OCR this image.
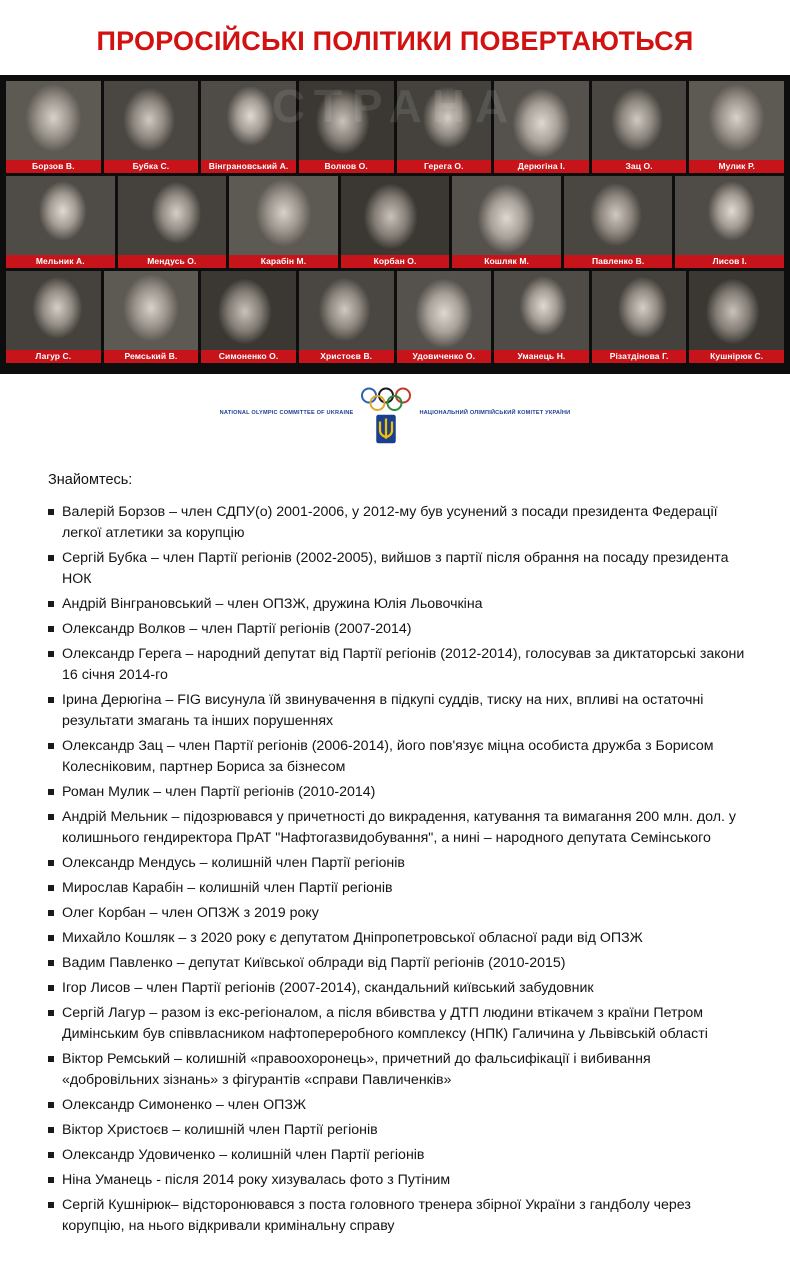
ПРОРОСІЙСЬКІ ПОЛІТИКИ ПОВЕРТАЮТЬСЯ
СТРАНА
Борзов В.	Бубка С.	Вінграновський А.	Волков О.	Герега О.	Дерюгіна І.	Зац О.	Мулик Р.
Мельник А.	Мендусь О.	Карабін М.	Корбан О.	Кошляк М.	Павленко В.	Лисов І.
Лагур С.	Ремський В.	Симоненко О.	Христоєв В.	Удовиченко О.	Уманець Н.	Різатдінова Г.	Кушнірюк С.
NATIONAL OLYMPIC COMMITTEE OF UKRAINE	НАЦІОНАЛЬНИЙ ОЛІМПІЙСЬКИЙ КОМІТЕТ УКРАЇНИ

Знайомтесь:

Валерій Борзов – член СДПУ(о) 2001-2006, у 2012-му був усунений з посади президента Федерації легкої атлетики за корупцію
Сергій Бубка – член Партії регіонів (2002-2005), вийшов з партії після обрання на посаду президента НОК
Андрій Вінграновський – член ОПЗЖ, дружина Юлія Льовочкіна
Олександр Волков – член Партії регіонів (2007-2014)
Олександр Герега – народний депутат від Партії регіонів (2012-2014), голосував за диктаторські закони 16 січня 2014-го
Ірина Дерюгіна – FIG висунула їй звинувачення в підкупі суддів, тиску на них, впливі на остаточні результати змагань та інших порушеннях
Олександр Зац – член Партії регіонів (2006-2014), його пов'язує міцна особиста дружба з Борисом Колесніковим, партнер Бориса за бізнесом
Роман Мулик – член Партії регіонів (2010-2014)
Андрій Мельник – підозрювався у причетності до викрадення, катування та вимагання 200 млн. дол. у колишнього гендиректора ПрАТ "Нафтогазвидобування", а нині – народного депутата Семінського
Олександр Мендусь – колишній член Партії регіонів
Мирослав Карабін – колишній член Партії регіонів
Олег Корбан – член ОПЗЖ з 2019 року
Михайло Кошляк – з 2020 року є депутатом Дніпропетровської обласної ради від ОПЗЖ
Вадим Павленко – депутат Київської облради від Партії регіонів (2010-2015)
Ігор Лисов – член Партії регіонів (2007-2014), скандальний київський забудовник
Сергій Лагур – разом із екс-регіоналом, а після вбивства у ДТП людини втікачем з країни Петром Димінським був співвласником нафтопереробного комплексу (НПК) Галичина у Львівській області
Віктор Ремський – колишній «правоохоронець», причетний до фальсифікації і вибивання «добровільних зізнань» з фігурантів «справи Павличенків»
Олександр Симоненко – член ОПЗЖ
Віктор Христоєв – колишній член Партії регіонів
Олександр Удовиченко – колишній член Партії регіонів
Ніна Уманець - після 2014 року хизувалась фото з Путіним
Сергій Кушнірюк– відсторонювався з поста головного тренера збірної України з гандболу через корупцію, на нього відкривали кримінальну справу
